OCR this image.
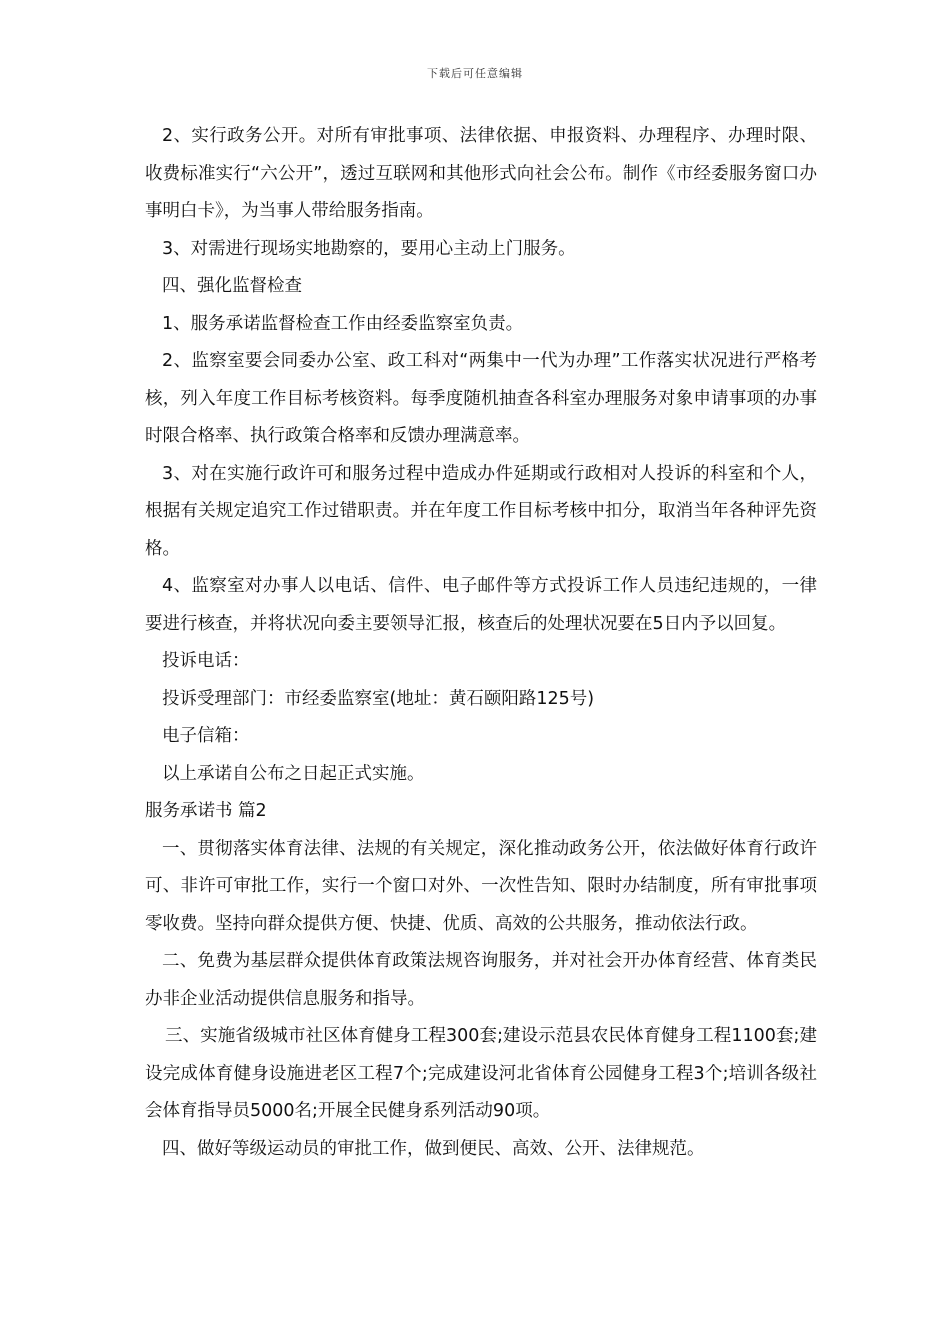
下载后可任意编辑

2、实行政务公开。对所有审批事项、法律依据、申报资料、办理程序、办理时限、收费标准实行“六公开”，透过互联网和其他形式向社会公布。制作《市经委服务窗口办事明白卡》，为当事人带给服务指南。

3、对需进行现场实地勘察的，要用心主动上门服务。

四、强化监督检查

1、服务承诺监督检查工作由经委监察室负责。

2、监察室要会同委办公室、政工科对“两集中一代为办理”工作落实状况进行严格考核，列入年度工作目标考核资料。每季度随机抽查各科室办理服务对象申请事项的办事时限合格率、执行政策合格率和反馈办理满意率。

3、对在实施行政许可和服务过程中造成办件延期或行政相对人投诉的科室和个人，根据有关规定追究工作过错职责。并在年度工作目标考核中扣分，取消当年各种评先资格。

4、监察室对办事人以电话、信件、电子邮件等方式投诉工作人员违纪违规的，一律要进行核查，并将状况向委主要领导汇报，核查后的处理状况要在5日内予以回复。

投诉电话：

投诉受理部门：市经委监察室(地址：黄石颐阳路125号)

电子信箱：

以上承诺自公布之日起正式实施。

服务承诺书 篇2

一、贯彻落实体育法律、法规的有关规定，深化推动政务公开，依法做好体育行政许可、非许可审批工作，实行一个窗口对外、一次性告知、限时办结制度，所有审批事项零收费。坚持向群众提供方便、快捷、优质、高效的公共服务，推动依法行政。

二、免费为基层群众提供体育政策法规咨询服务，并对社会开办体育经营、体育类民办非企业活动提供信息服务和指导。

三、实施省级城市社区体育健身工程300套;建设示范县农民体育健身工程1100套;建设完成体育健身设施进老区工程7个;完成建设河北省体育公园健身工程3个;培训各级社会体育指导员5000名;开展全民健身系列活动90项。

四、做好等级运动员的审批工作，做到便民、高效、公开、法律规范。
